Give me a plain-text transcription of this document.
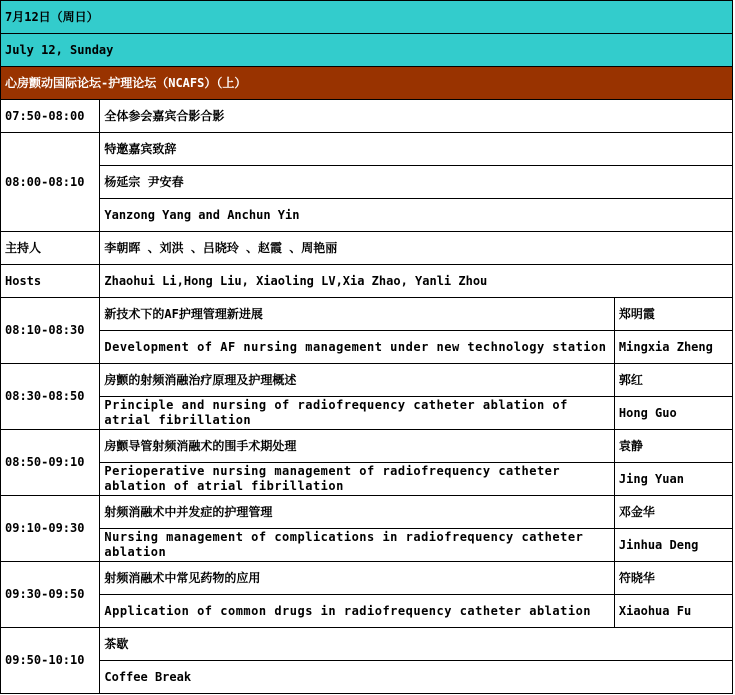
7月12日（周日）		
July 12, Sunday		
心房颤动国际论坛-护理论坛（NCAFS）（上）		
07:50-08:00	全体参会嘉宾合影合影	
08:00-08:10	特邀嘉宾致辞	
	杨延宗 尹安春	
	Yanzong Yang and Anchun Yin	
主持人	李朝晖 、刘洪 、吕晓玲 、赵霞 、周艳丽	
Hosts	Zhaohui Li,Hong Liu, Xiaoling LV,Xia Zhao, Yanli Zhou	
08:10-08:30	新技术下的AF护理管理新进展	郑明霞
	Development of AF nursing management under new technology station	Mingxia Zheng
08:30-08:50	房颤的射频消融治疗原理及护理概述	郭红
	Principle and nursing of radiofrequency catheter ablation of atrial fibrillation	Hong Guo
08:50-09:10	房颤导管射频消融术的围手术期处理	袁静
	Perioperative nursing management of radiofrequency catheter ablation of atrial fibrillation	Jing Yuan
09:10-09:30	射频消融术中并发症的护理管理	邓金华
	Nursing management of complications in radiofrequency catheter ablation	Jinhua Deng
09:30-09:50	射频消融术中常见药物的应用	符晓华
	Application of common drugs in radiofrequency catheter ablation	Xiaohua Fu
09:50-10:10	茶歇	
	Coffee Break	
